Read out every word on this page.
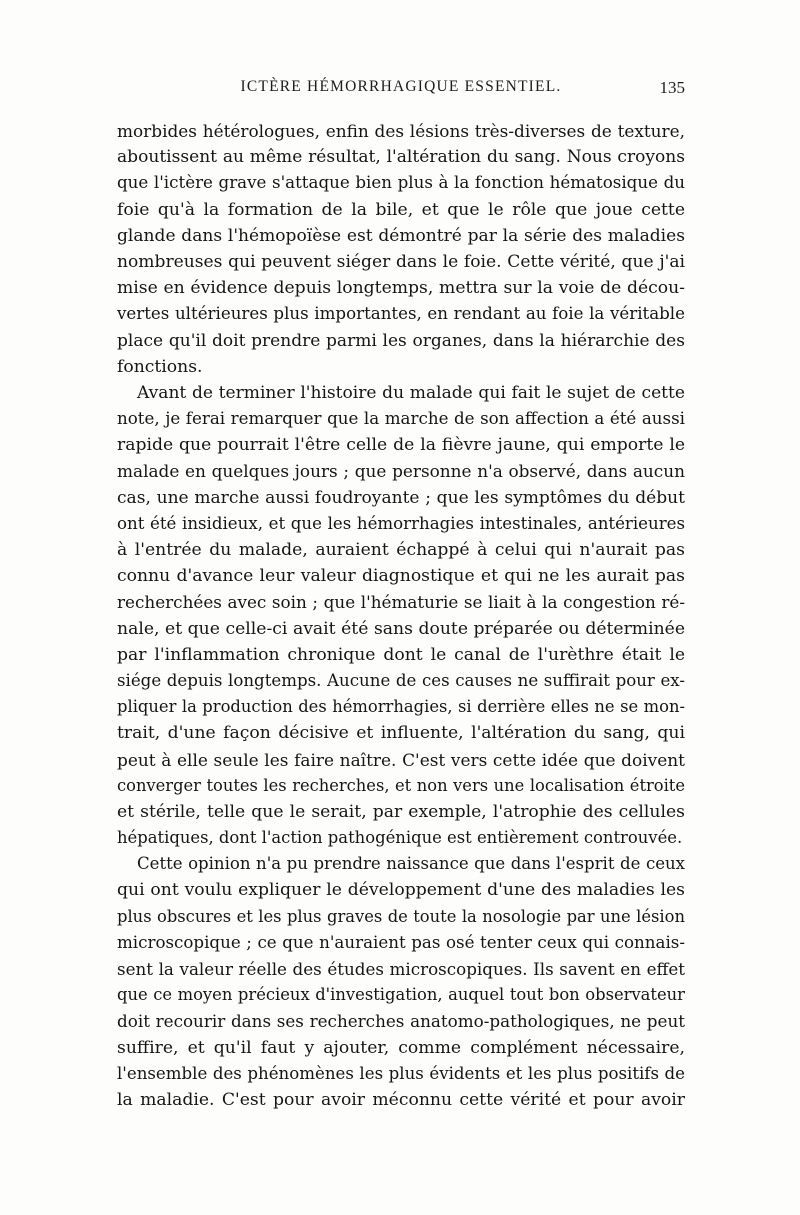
ICTÈRE HÉMORRHAGIQUE ESSENTIEL.	135
morbides hétérologues, enfin des lésions très-diverses de texture,
aboutissent au même résultat, l'altération du sang. Nous croyons
que l'ictère grave s'attaque bien plus à la fonction hématosique du
foie qu'à la formation de la bile, et que le rôle que joue cette
glande dans l'hémopoïèse est démontré par la série des maladies
nombreuses qui peuvent siéger dans le foie. Cette vérité, que j'ai
mise en évidence depuis longtemps, mettra sur la voie de décou-
vertes ultérieures plus importantes, en rendant au foie la véritable
place qu'il doit prendre parmi les organes, dans la hiérarchie des
fonctions.
Avant de terminer l'histoire du malade qui fait le sujet de cette
note, je ferai remarquer que la marche de son affection a été aussi
rapide que pourrait l'être celle de la fièvre jaune, qui emporte le
malade en quelques jours ; que personne n'a observé, dans aucun
cas, une marche aussi foudroyante ; que les symptômes du début
ont été insidieux, et que les hémorrhagies intestinales, antérieures
à l'entrée du malade, auraient échappé à celui qui n'aurait pas
connu d'avance leur valeur diagnostique et qui ne les aurait pas
recherchées avec soin ; que l'hématurie se liait à la congestion ré-
nale, et que celle-ci avait été sans doute préparée ou déterminée
par l'inflammation chronique dont le canal de l'urèthre était le
siége depuis longtemps. Aucune de ces causes ne suffirait pour ex-
pliquer la production des hémorrhagies, si derrière elles ne se mon-
trait, d'une façon décisive et influente, l'altération du sang, qui
peut à elle seule les faire naître. C'est vers cette idée que doivent
converger toutes les recherches, et non vers une localisation étroite
et stérile, telle que le serait, par exemple, l'atrophie des cellules
hépatiques, dont l'action pathogénique est entièrement controuvée.
Cette opinion n'a pu prendre naissance que dans l'esprit de ceux
qui ont voulu expliquer le développement d'une des maladies les
plus obscures et les plus graves de toute la nosologie par une lésion
microscopique ; ce que n'auraient pas osé tenter ceux qui connais-
sent la valeur réelle des études microscopiques. Ils savent en effet
que ce moyen précieux d'investigation, auquel tout bon observateur
doit recourir dans ses recherches anatomo-pathologiques, ne peut
suffire, et qu'il faut y ajouter, comme complément nécessaire,
l'ensemble des phénomènes les plus évidents et les plus positifs de
la maladie. C'est pour avoir méconnu cette vérité et pour avoir
